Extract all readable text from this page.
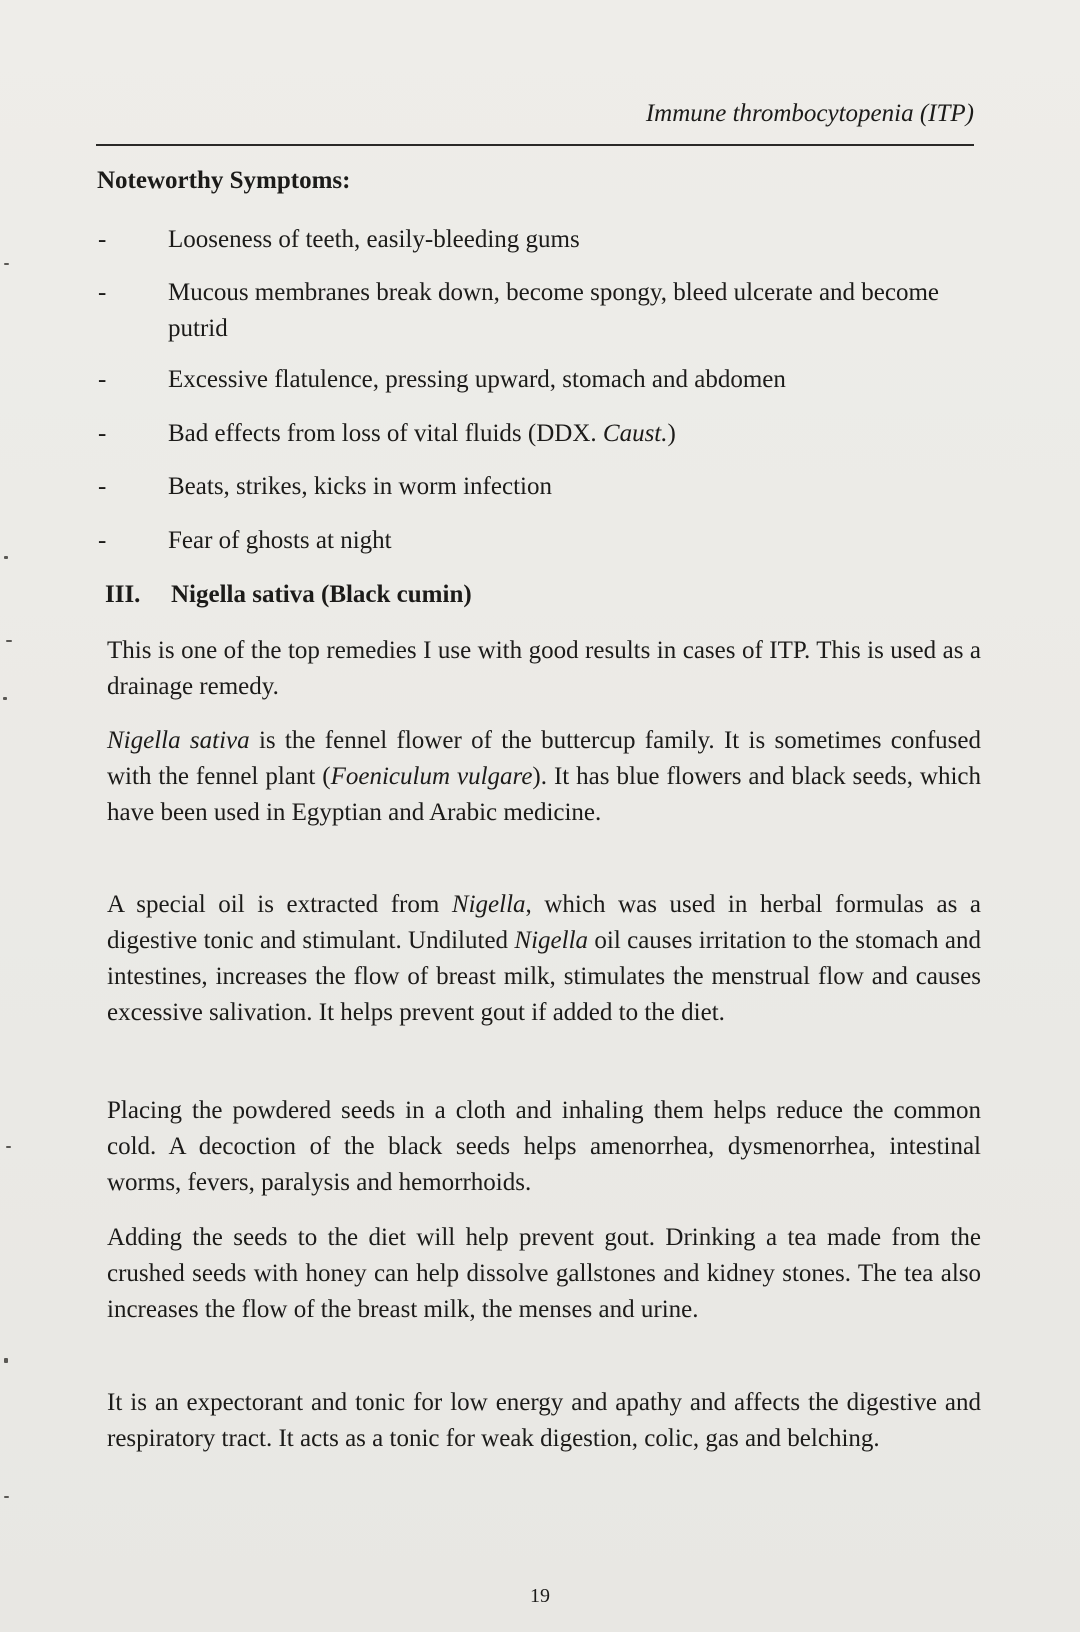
Immune thrombocytopenia (ITP)
Noteworthy Symptoms:
- Looseness of teeth, easily-bleeding gums
- Mucous membranes break down, become spongy, bleed ulcerate and become putrid
- Excessive flatulence, pressing upward, stomach and abdomen
- Bad effects from loss of vital fluids (DDX. Caust.)
- Beats, strikes, kicks in worm infection
- Fear of ghosts at night
III. Nigella sativa (Black cumin)

This is one of the top remedies I use with good results in cases of ITP. This is used as a drainage remedy.

Nigella sativa is the fennel flower of the buttercup family. It is sometimes confused with the fennel plant (Foeniculum vulgare). It has blue flowers and black seeds, which have been used in Egyptian and Arabic medicine.

A special oil is extracted from Nigella, which was used in herbal formulas as a digestive tonic and stimulant. Undiluted Nigella oil causes irritation to the stomach and intestines, increases the flow of breast milk, stimulates the menstrual flow and causes excessive salivation. It helps prevent gout if added to the diet.

Placing the powdered seeds in a cloth and inhaling them helps reduce the common cold. A decoction of the black seeds helps amenorrhea, dysmenorrhea, intestinal worms, fevers, paralysis and hemorrhoids.

Adding the seeds to the diet will help prevent gout. Drinking a tea made from the crushed seeds with honey can help dissolve gallstones and kidney stones. The tea also increases the flow of the breast milk, the menses and urine.

It is an expectorant and tonic for low energy and apathy and affects the digestive and respiratory tract. It acts as a tonic for weak digestion, colic, gas and belching.

19
